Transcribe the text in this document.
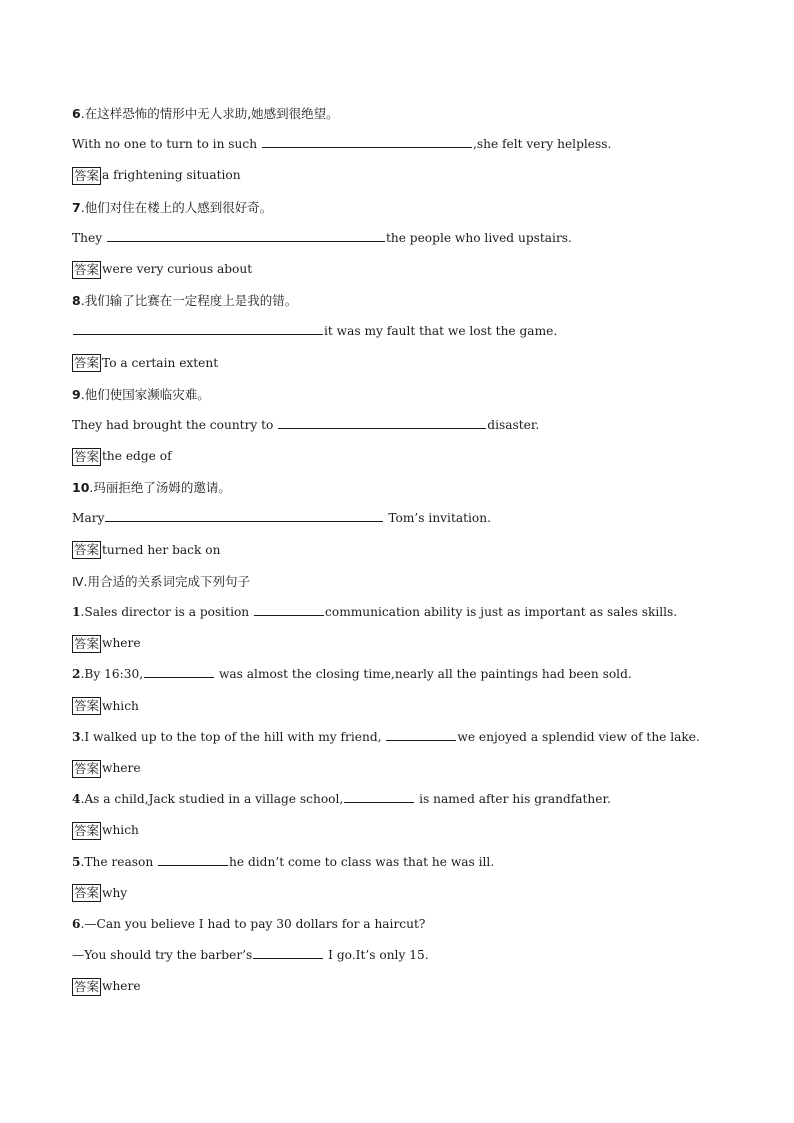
6.在这样恐怖的情形中无人求助,她感到很绝望。
With no one to turn to in such	,she felt very helpless.
答案 a frightening situation
7.他们对住在楼上的人感到很好奇。
They	the people who lived upstairs.
答案 were very curious about
8.我们输了比赛在一定程度上是我的错。
it was my fault that we lost the game.
答案 To a certain extent
9.他们使国家濒临灾难。
They had brought the country to	disaster.
答案 the edge of
10.玛丽拒绝了汤姆的邀请。
Mary	Tom’s invitation.
答案 turned her back on
Ⅳ.用合适的关系词完成下列句子
1.Sales director is a position	communication ability is just as important as sales skills.
答案 where
2.By 16:30,	was almost the closing time,nearly all the paintings had been sold.
答案 which
3.I walked up to the top of the hill with my friend,	we enjoyed a splendid view of the lake.
答案 where
4.As a child,Jack studied in a village school,	is named after his grandfather.
答案 which
5.The reason	he didn’t come to class was that he was ill.
答案 why
6.—Can you believe I had to pay 30 dollars for a haircut?
—You should try the barber’s	I go.It’s only 15.
答案 where
